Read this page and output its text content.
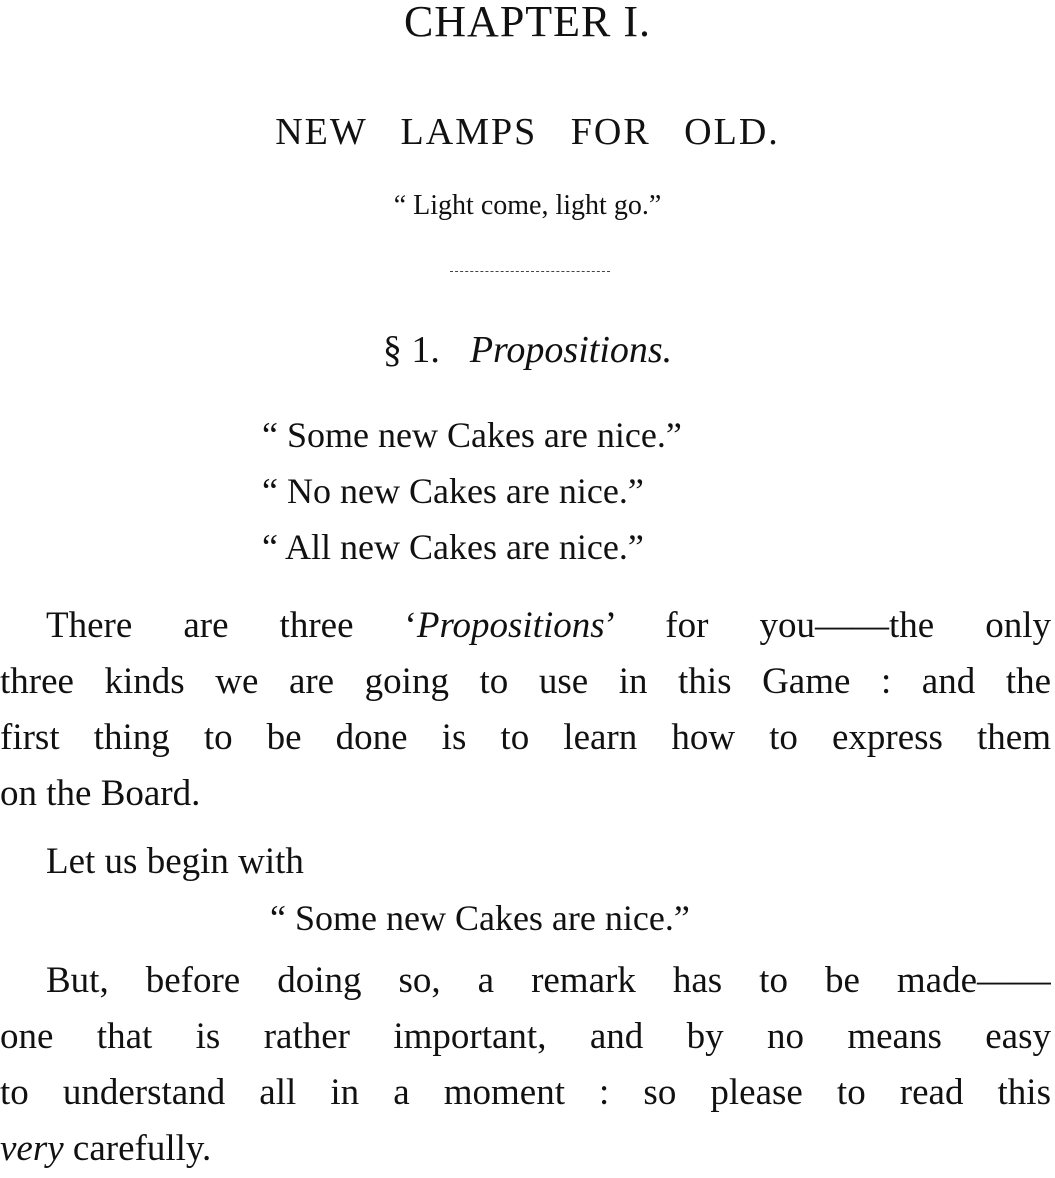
CHAPTER I.
NEW LAMPS FOR OLD.
“ Light come, light go.”
§ 1. Propositions.
“ Some new Cakes are nice.”
“ No new Cakes are nice.”
“ All new Cakes are nice.”
There are three ‘Propositions’ for you——the only
three kinds we are going to use in this Game : and the
first thing to be done is to learn how to express them
on the Board.
Let us begin with
“ Some new Cakes are nice.”
But, before doing so, a remark has to be made——
one that is rather important, and by no means easy
to understand all in a moment : so please to read this
very carefully.
